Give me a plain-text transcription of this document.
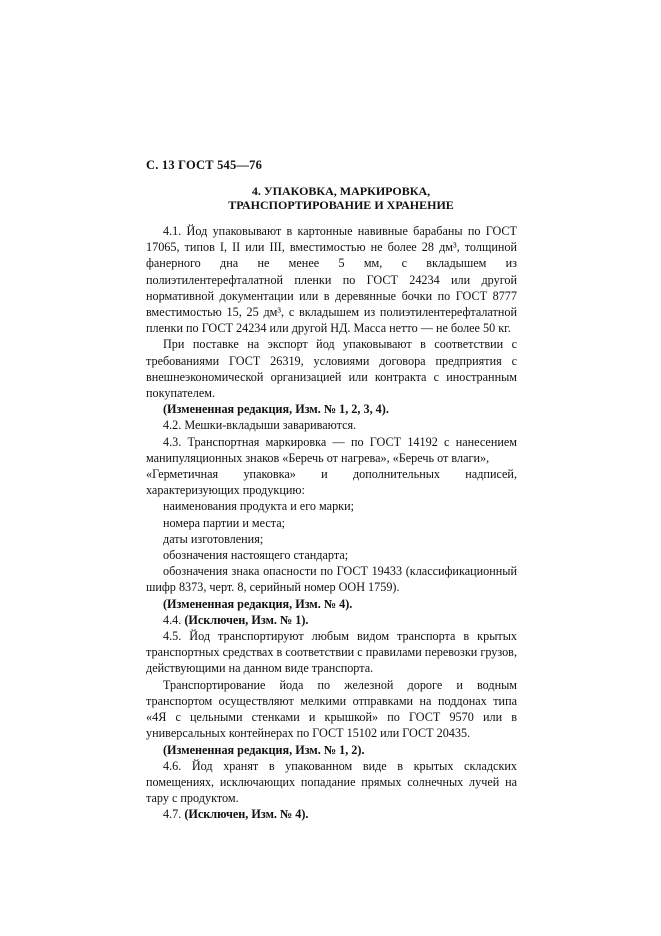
С. 13 ГОСТ 545—76
4. УПАКОВКА, МАРКИРОВКА,
ТРАНСПОРТИРОВАНИЕ И ХРАНЕНИЕ

4.1. Йод упаковывают в картонные навивные барабаны по ГОСТ 17065, типов I, II или III, вместимостью не более 28 дм³, толщиной фанерного дна не менее 5 мм, с вкладышем из полиэтилентерефталатной пленки по ГОСТ 24234 или другой нормативной документации или в деревянные бочки по ГОСТ 8777 вместимостью 15, 25 дм³, с вкладышем из полиэтилентерефталатной пленки по ГОСТ 24234 или другой НД. Масса нетто — не более 50 кг.

При поставке на экспорт йод упаковывают в соответствии с требованиями ГОСТ 26319, условиями договора предприятия с внешнеэкономической организацией или контракта с иностранным покупателем.

(Измененная редакция, Изм. № 1, 2, 3, 4).

4.2. Мешки-вкладыши завариваются.

4.3. Транспортная маркировка — по ГОСТ 14192 с нанесением манипуляционных знаков «Беречь от нагрева», «Беречь от влаги»,

«Герметичная упаковка» и дополнительных надписей, характеризующих продукцию:

наименования продукта и его марки;

номера партии и места;

даты изготовления;

обозначения настоящего стандарта;

обозначения знака опасности по ГОСТ 19433 (классификационный шифр 8373, черт. 8, серийный номер ООН 1759).

(Измененная редакция, Изм. № 4).

4.4. (Исключен, Изм. № 1).

4.5. Йод транспортируют любым видом транспорта в крытых транспортных средствах в соответствии с правилами перевозки грузов, действующими на данном виде транспорта.

Транспортирование йода по железной дороге и водным транспортом осуществляют мелкими отправками на поддонах типа «4Я с цельными стенками и крышкой» по ГОСТ 9570 или в универсальных контейнерах по ГОСТ 15102 или ГОСТ 20435.

(Измененная редакция, Изм. № 1, 2).

4.6. Йод хранят в упакованном виде в крытых складских помещениях, исключающих попадание прямых солнечных лучей на тару с продуктом.

4.7. (Исключен, Изм. № 4).
